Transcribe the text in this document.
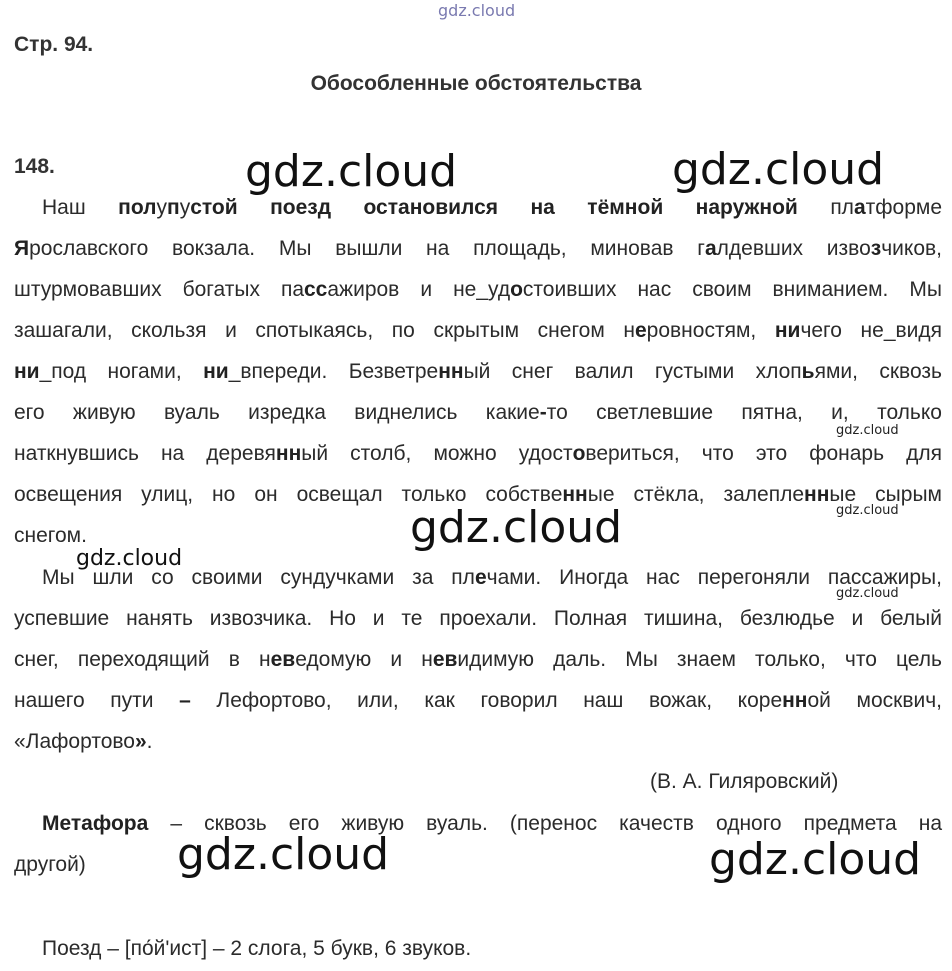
gdz.cloud
Стр. 94.
Обособленные обстоятельства
148.
Наш полупустой поезд остановился на тёмной наружной платформе
Ярославского вокзала. Мы вышли на площадь, миновав галдевших извозчиков,
штурмовавших богатых пассажиров и не_удостоивших нас своим вниманием. Мы
зашагали, скользя и спотыкаясь, по скрытым снегом неровностям, ничего не_видя
ни_под ногами, ни_впереди. Безветренный снег валил густыми хлопьями, сквозь
его живую вуаль изредка виднелись какие-то светлевшие пятна, и, только
наткнувшись на деревянный столб, можно удостовериться, что это фонарь для
освещения улиц, но он освещал только собственные стёкла, залепленные сырым
снегом.
Мы шли со своими сундучками за плечами. Иногда нас перегоняли пассажиры,
успевшие нанять извозчика. Но и те проехали. Полная тишина, безлюдье и белый
снег, переходящий в неведомую и невидимую даль. Мы знаем только, что цель
нашего пути – Лефортово, или, как говорил наш вожак, коренной москвич,
«Лафортово».
(В. А. Гиляровский)
Метафора – сквозь его живую вуаль. (перенос качеств одного предмета на
другой)
Поезд – [по́й'ист] – 2 слога, 5 букв, 6 звуков.
gdz.cloud	gdz.cloud
gdz.cloud
gdz.cloud	gdz.cloud
gdz.cloud
gdz.cloud
gdz.cloud
gdz.cloud
